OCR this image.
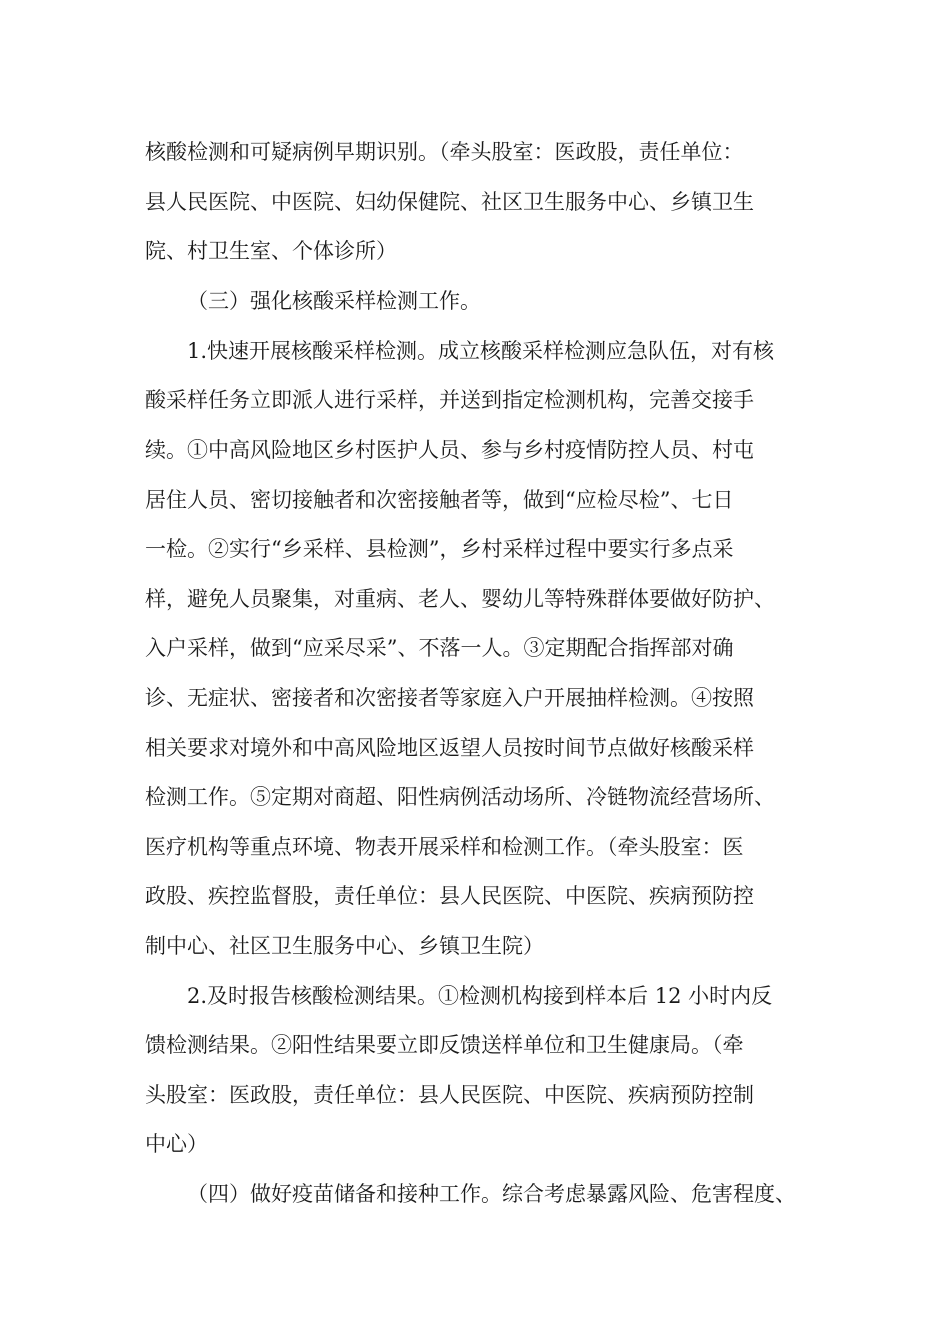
核酸检测和可疑病例早期识别。（牵头股室：医政股，责任单位：
县人民医院、中医院、妇幼保健院、社区卫生服务中心、乡镇卫生
院、村卫生室、个体诊所）
（三）强化核酸采样检测工作。
1.快速开展核酸采样检测。成立核酸采样检测应急队伍，对有核
酸采样任务立即派人进行采样，并送到指定检测机构，完善交接手
续。①中高风险地区乡村医护人员、参与乡村疫情防控人员、村屯
居住人员、密切接触者和次密接触者等，做到“应检尽检”、七日
一检。②实行“乡采样、县检测”，乡村采样过程中要实行多点采
样，避免人员聚集，对重病、老人、婴幼儿等特殊群体要做好防护、
入户采样，做到“应采尽采”、不落一人。③定期配合指挥部对确
诊、无症状、密接者和次密接者等家庭入户开展抽样检测。④按照
相关要求对境外和中高风险地区返望人员按时间节点做好核酸采样
检测工作。⑤定期对商超、阳性病例活动场所、冷链物流经营场所、
医疗机构等重点环境、物表开展采样和检测工作。（牵头股室：医
政股、疾控监督股，责任单位：县人民医院、中医院、疾病预防控
制中心、社区卫生服务中心、乡镇卫生院）
2.及时报告核酸检测结果。①检测机构接到样本后 12 小时内反
馈检测结果。②阳性结果要立即反馈送样单位和卫生健康局。（牵
头股室：医政股，责任单位：县人民医院、中医院、疾病预防控制
中心）
（四）做好疫苗储备和接种工作。综合考虑暴露风险、危害程度、
